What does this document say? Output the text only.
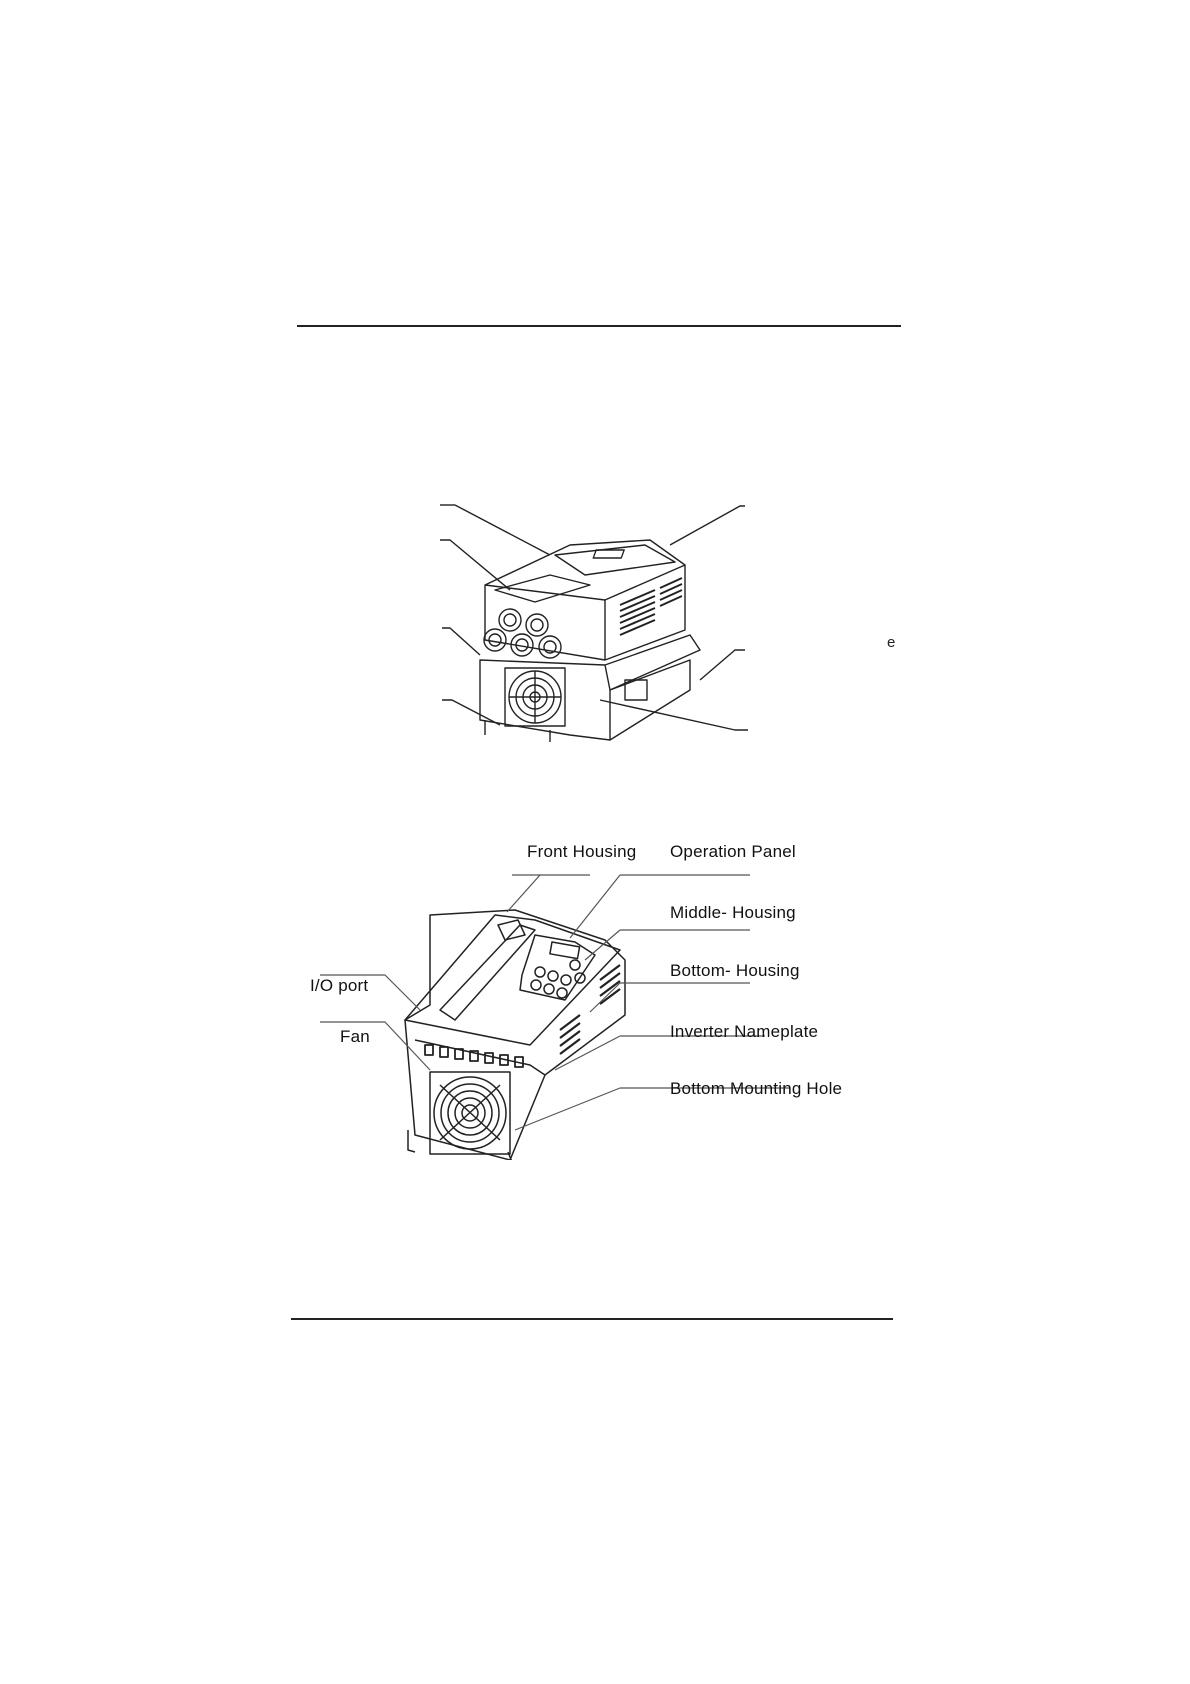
e
Front Housing Operation Panel
Middle- Housing
Bottom- Housing
I/O port
Fan	Inverter Nameplate
Bottom Mounting Hole
